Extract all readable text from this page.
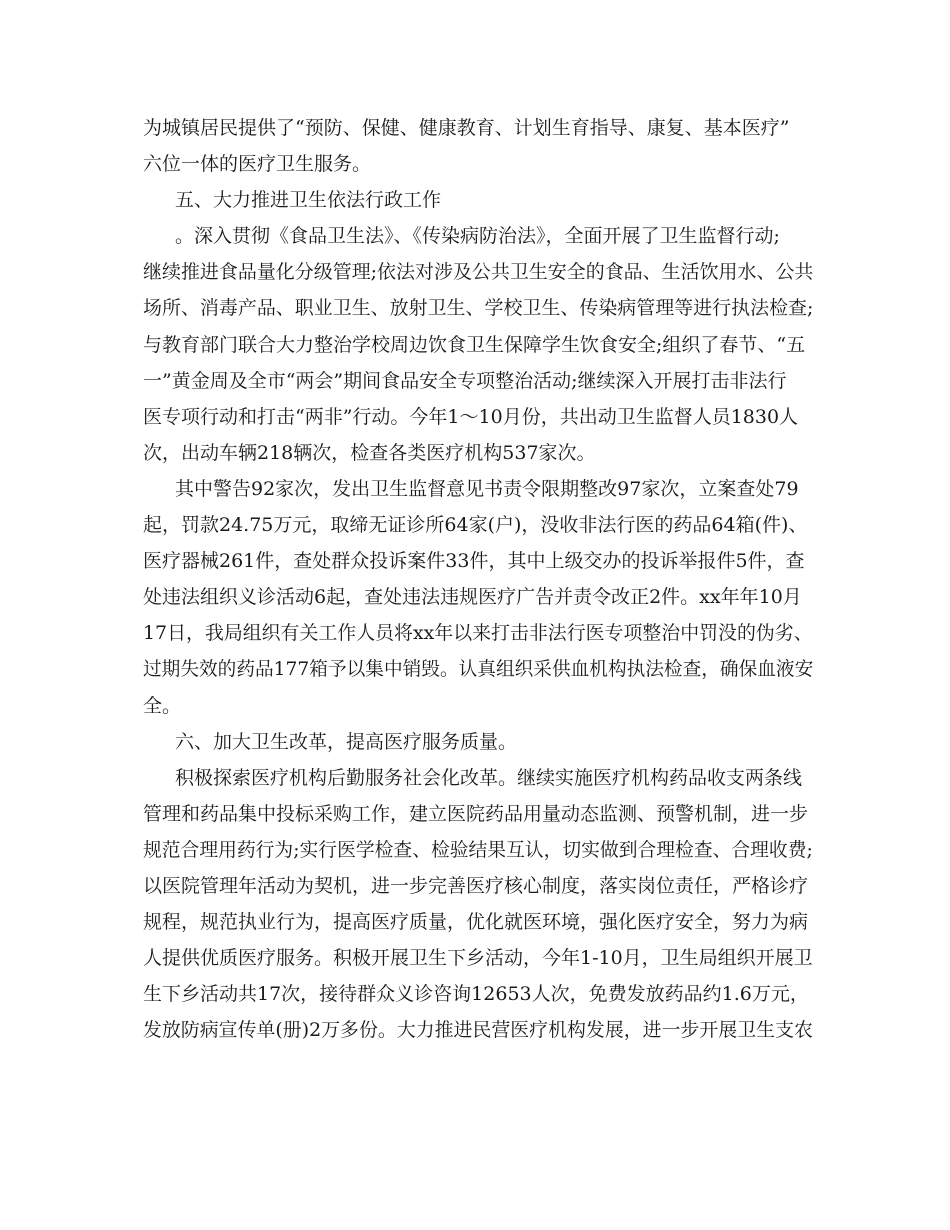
为城镇居民提供了“预防、保健、健康教育、计划生育指导、康复、基本医疗”
六位一体的医疗卫生服务。
五、大力推进卫生依法行政工作
。深入贯彻《食品卫生法》、《传染病防治法》，全面开展了卫生监督行动;
继续推进食品量化分级管理;依法对涉及公共卫生安全的食品、生活饮用水、公共
场所、消毒产品、职业卫生、放射卫生、学校卫生、传染病管理等进行执法检查;
与教育部门联合大力整治学校周边饮食卫生保障学生饮食安全;组织了春节、“五
一”黄金周及全市“两会”期间食品安全专项整治活动;继续深入开展打击非法行
医专项行动和打击“两非”行动。今年1～10月份，共出动卫生监督人员1830人
次，出动车辆218辆次，检查各类医疗机构537家次。
其中警告92家次，发出卫生监督意见书责令限期整改97家次，立案查处79
起，罚款24.75万元，取缔无证诊所64家(户)，没收非法行医的药品64箱(件)、
医疗器械261件，查处群众投诉案件33件，其中上级交办的投诉举报件5件，查
处违法组织义诊活动6起，查处违法违规医疗广告并责令改正2件。xx年年10月
17日，我局组织有关工作人员将xx年以来打击非法行医专项整治中罚没的伪劣、
过期失效的药品177箱予以集中销毁。认真组织采供血机构执法检查，确保血液安
全。
六、加大卫生改革，提高医疗服务质量。
积极探索医疗机构后勤服务社会化改革。继续实施医疗机构药品收支两条线
管理和药品集中投标采购工作，建立医院药品用量动态监测、预警机制，进一步
规范合理用药行为;实行医学检查、检验结果互认，切实做到合理检查、合理收费;
以医院管理年活动为契机，进一步完善医疗核心制度，落实岗位责任，严格诊疗
规程，规范执业行为，提高医疗质量，优化就医环境，强化医疗安全，努力为病
人提供优质医疗服务。积极开展卫生下乡活动，今年1-10月，卫生局组织开展卫
生下乡活动共17次，接待群众义诊咨询12653人次，免费发放药品约1.6万元，
发放防病宣传单(册)2万多份。大力推进民营医疗机构发展，进一步开展卫生支农
